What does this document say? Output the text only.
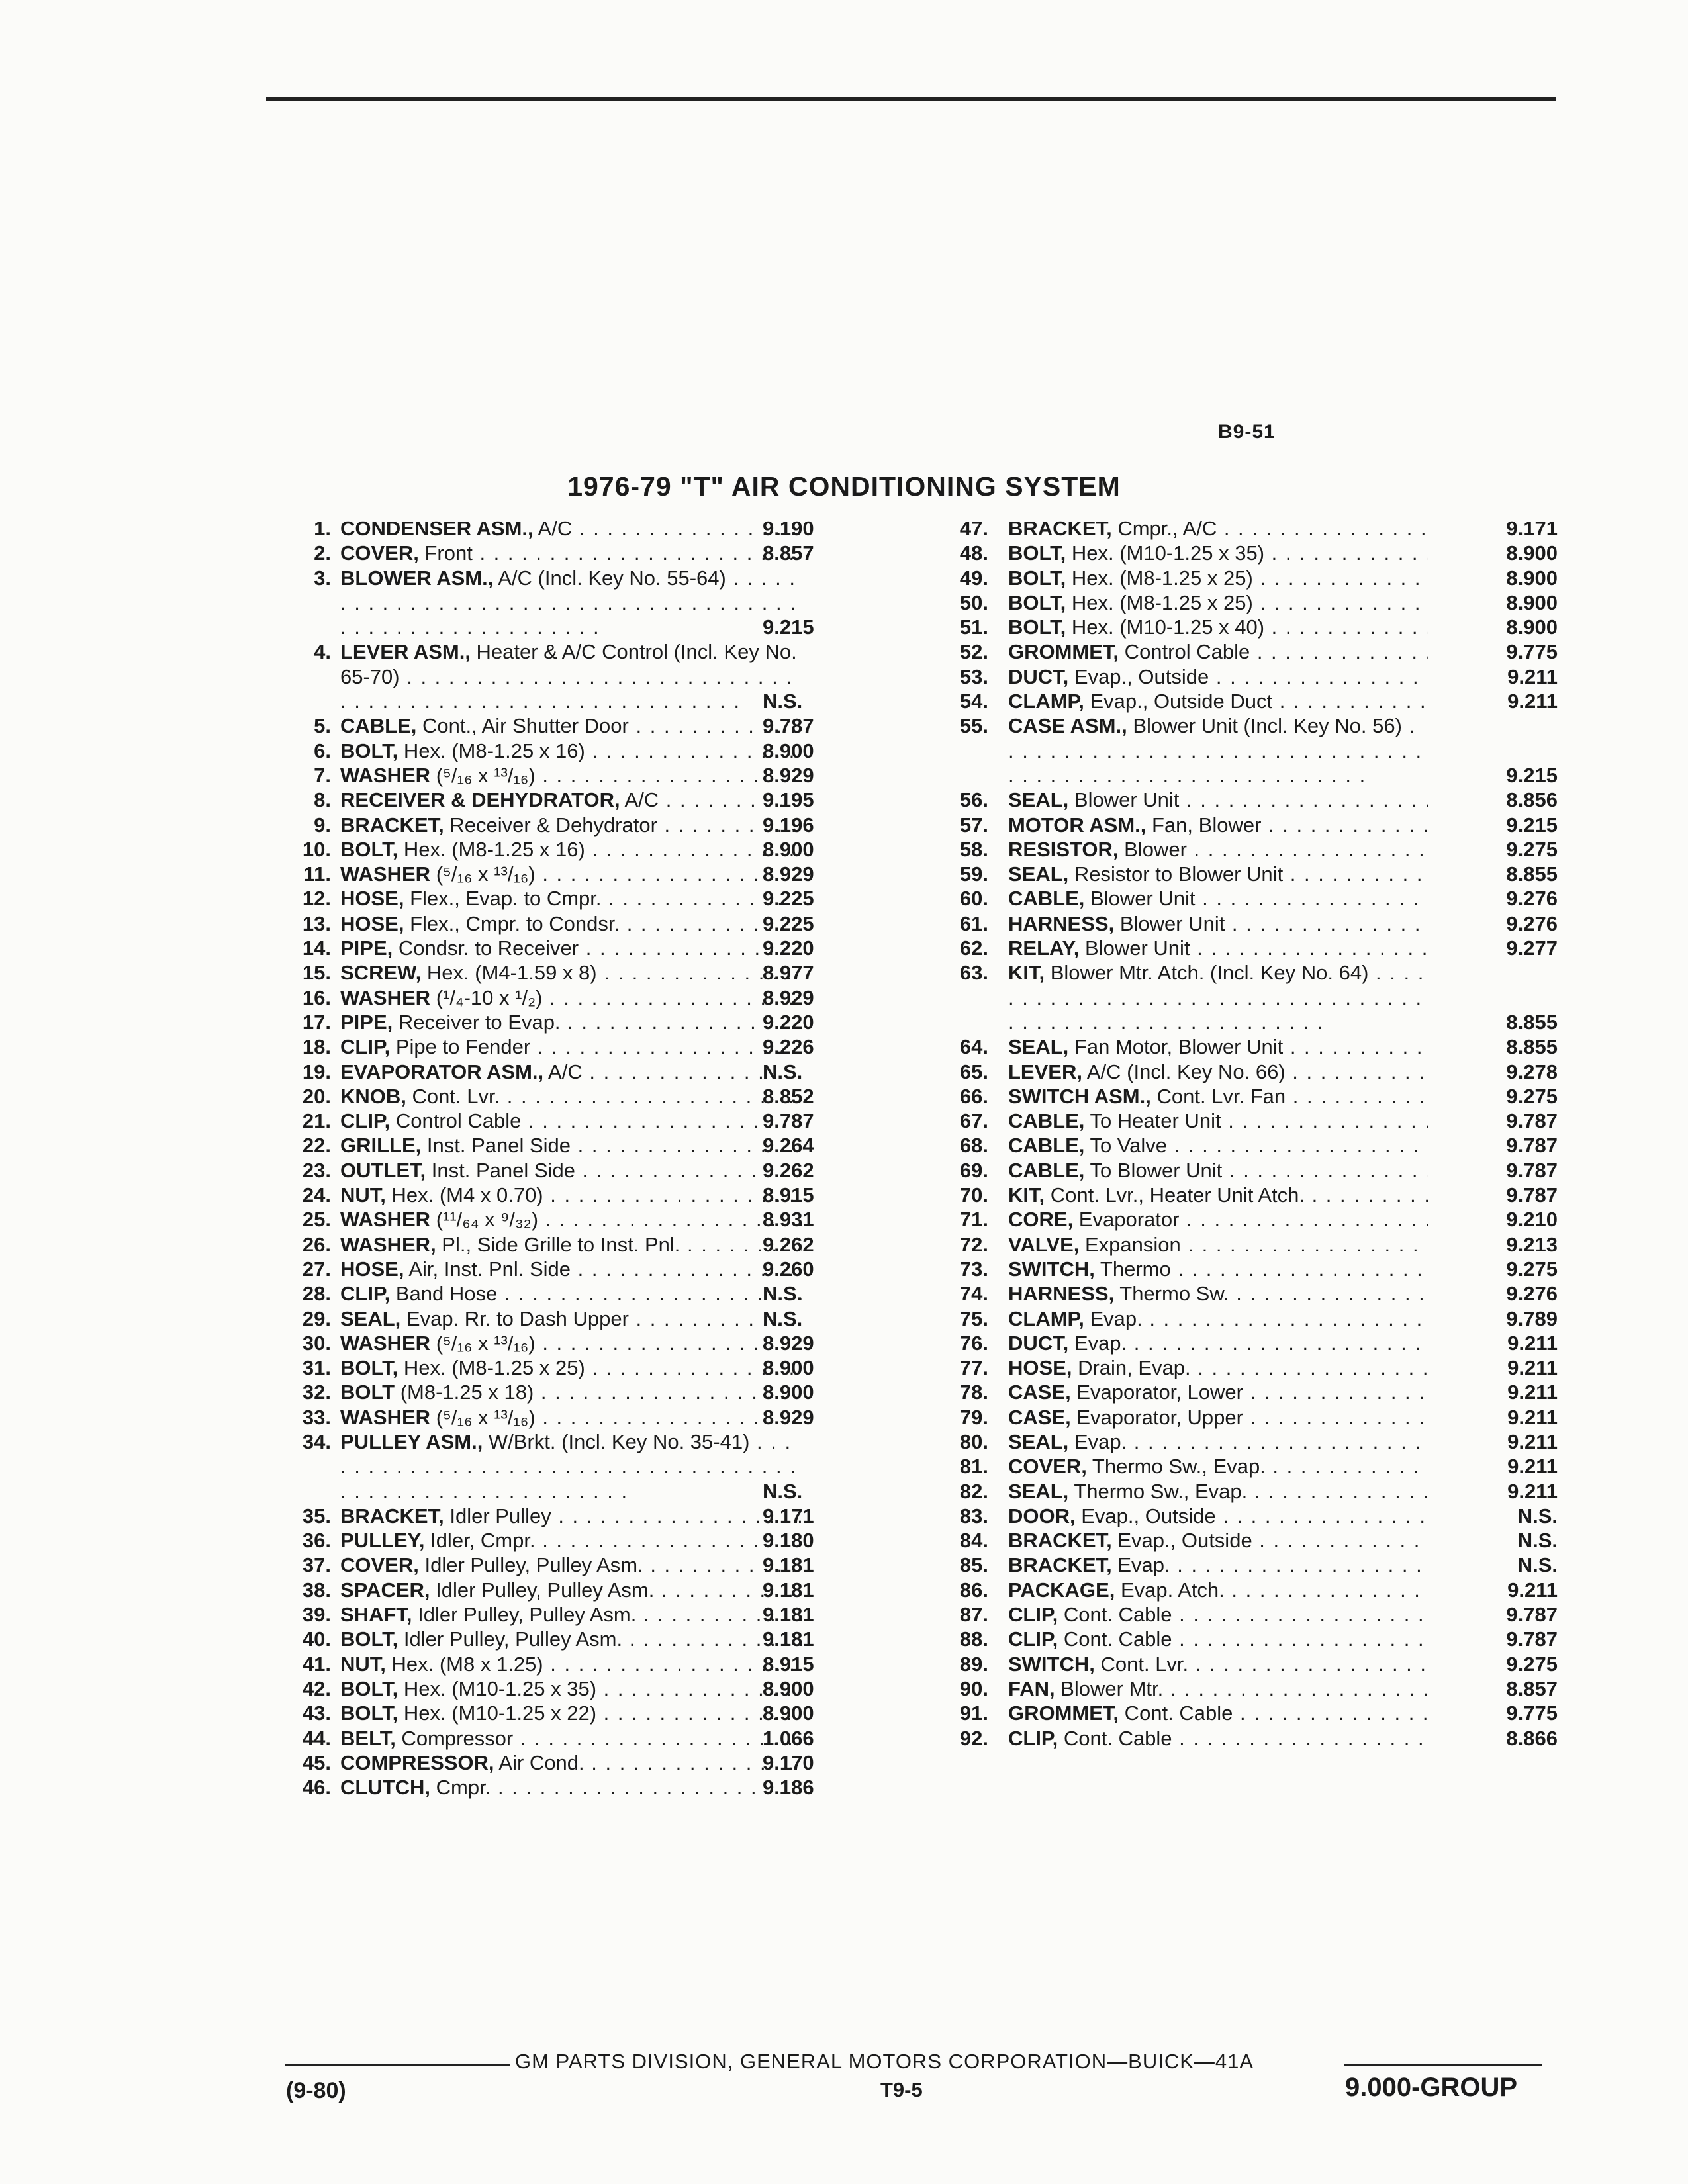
B9-51
1976-79 "T" AIR CONDITIONING SYSTEM
1. CONDENSER ASM., A/C . . .	9.190
2. COVER, Front . . .	8.857
3. BLOWER ASM., A/C (Incl. Key No. 55-64) . . .
9.215
4. LEVER ASM., Heater & A/C Control (Incl. Key No. 65-70) . . .
N.S.
5. CABLE, Cont., Air Shutter Door . . .	9.787
6. BOLT, Hex. (M8-1.25 x 16) . . .	8.900
7. WASHER (⁵/₁₆ x ¹³/₁₆) . . .	8.929
8. RECEIVER & DEHYDRATOR, A/C . . .	9.195
9. BRACKET, Receiver & Dehydrator . . .	9.196
10. BOLT, Hex. (M8-1.25 x 16) . . .	8.900
11. WASHER (⁵/₁₆ x ¹³/₁₆) . . .	8.929
12. HOSE, Flex., Evap. to Cmpr. . . .	9.225
13. HOSE, Flex., Cmpr. to Condsr. . . .	9.225
14. PIPE, Condsr. to Receiver . . .	9.220
15. SCREW, Hex. (M4-1.59 x 8) . . .	8.977
16. WASHER (¹/₄-10 x ¹/₂) . . .	8.929
17. PIPE, Receiver to Evap. . . .	9.220
18. CLIP, Pipe to Fender . . .	9.226
19. EVAPORATOR ASM., A/C . . .	N.S.
20. KNOB, Cont. Lvr. . . .	8.852
21. CLIP, Control Cable . . .	9.787
22. GRILLE, Inst. Panel Side . . .	9.264
23. OUTLET, Inst. Panel Side . . .	9.262
24. NUT, Hex. (M4 x 0.70) . . .	8.915
25. WASHER (¹¹/₆₄ x ⁹/₃₂) . . .	8.931
26. WASHER, Pl., Side Grille to Inst. Pnl. . . .	9.262
27. HOSE, Air, Inst. Pnl. Side . . .	9.260
28. CLIP, Band Hose . . .	N.S.
29. SEAL, Evap. Rr. to Dash Upper . . .	N.S.
30. WASHER (⁵/₁₆ x ¹³/₁₆) . . .	8.929
31. BOLT, Hex. (M8-1.25 x 25) . . .	8.900
32. BOLT (M8-1.25 x 18) . . .	8.900
33. WASHER (⁵/₁₆ x ¹³/₁₆) . . .	8.929
34. PULLEY ASM., W/Brkt. (Incl. Key No. 35-41) . . .
N.S.
35. BRACKET, Idler Pulley . . .	9.171
36. PULLEY, Idler, Cmpr. . . .	9.180
37. COVER, Idler Pulley, Pulley Asm. . . .	9.181
38. SPACER, Idler Pulley, Pulley Asm. . . .	9.181
39. SHAFT, Idler Pulley, Pulley Asm. . . .	9.181
40. BOLT, Idler Pulley, Pulley Asm. . . .	9.181
41. NUT, Hex. (M8 x 1.25) . . .	8.915
42. BOLT, Hex. (M10-1.25 x 35) . . .	8.900
43. BOLT, Hex. (M10-1.25 x 22) . . .	8.900
44. BELT, Compressor . . .	1.066
45. COMPRESSOR, Air Cond. . . .	9.170
46. CLUTCH, Cmpr. . . .	9.186
47. BRACKET, Cmpr., A/C . . .	9.171
48. BOLT, Hex. (M10-1.25 x 35) . . .	8.900
49. BOLT, Hex. (M8-1.25 x 25) . . .	8.900
50. BOLT, Hex. (M8-1.25 x 25) . . .	8.900
51. BOLT, Hex. (M10-1.25 x 40) . . .	8.900
52. GROMMET, Control Cable . . .	9.775
53. DUCT, Evap., Outside . . .	9.211
54. CLAMP, Evap., Outside Duct . . .	9.211
55. CASE ASM., Blower Unit (Incl. Key No. 56) . . .
9.215
56. SEAL, Blower Unit . . .	8.856
57. MOTOR ASM., Fan, Blower . . .	9.215
58. RESISTOR, Blower . . .	9.275
59. SEAL, Resistor to Blower Unit . . .	8.855
60. CABLE, Blower Unit . . .	9.276
61. HARNESS, Blower Unit . . .	9.276
62. RELAY, Blower Unit . . .	9.277
63. KIT, Blower Mtr. Atch. (Incl. Key No. 64) . . .
8.855
64. SEAL, Fan Motor, Blower Unit . . .	8.855
65. LEVER, A/C (Incl. Key No. 66) . . .	9.278
66. SWITCH ASM., Cont. Lvr. Fan . . .	9.275
67. CABLE, To Heater Unit . . .	9.787
68. CABLE, To Valve . . .	9.787
69. CABLE, To Blower Unit . . .	9.787
70. KIT, Cont. Lvr., Heater Unit Atch. . . .	9.787
71. CORE, Evaporator . . .	9.210
72. VALVE, Expansion . . .	9.213
73. SWITCH, Thermo . . .	9.275
74. HARNESS, Thermo Sw. . . .	9.276
75. CLAMP, Evap. . . .	9.789
76. DUCT, Evap. . . .	9.211
77. HOSE, Drain, Evap. . . .	9.211
78. CASE, Evaporator, Lower . . .	9.211
79. CASE, Evaporator, Upper . . .	9.211
80. SEAL, Evap. . . .	9.211
81. COVER, Thermo Sw., Evap. . . .	9.211
82. SEAL, Thermo Sw., Evap. . . .	9.211
83. DOOR, Evap., Outside . . .	N.S.
84. BRACKET, Evap., Outside . . .	N.S.
85. BRACKET, Evap. . . .	N.S.
86. PACKAGE, Evap. Atch. . . .	9.211
87. CLIP, Cont. Cable . . .	9.787
88. CLIP, Cont. Cable . . .	9.787
89. SWITCH, Cont. Lvr. . . .	9.275
90. FAN, Blower Mtr. . . .	8.857
91. GROMMET, Cont. Cable . . .	9.775
92. CLIP, Cont. Cable . . .	8.866
GM PARTS DIVISION, GENERAL MOTORS CORPORATION—BUICK—41A
(9-80)	T9-5	9.000-GROUP
